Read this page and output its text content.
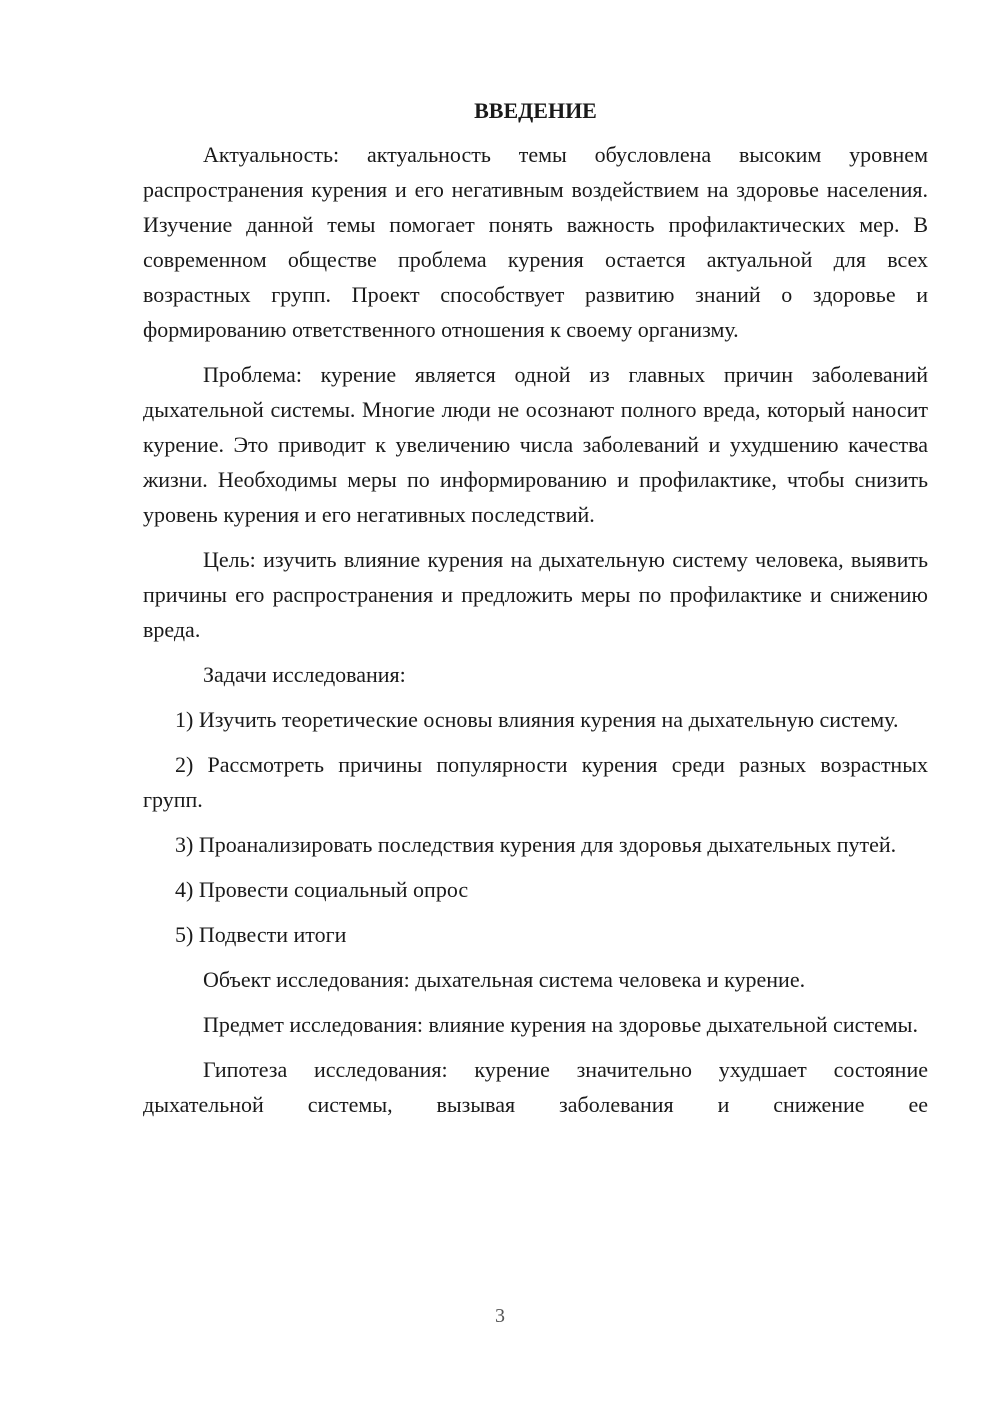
ВВЕДЕНИЕ

Актуальность: актуальность темы обусловлена высоким уровнем распространения курения и его негативным воздействием на здоровье населения. Изучение данной темы помогает понять важность профилактических мер. В современном обществе проблема курения остается актуальной для всех возрастных групп. Проект способствует развитию знаний о здоровье и формированию ответственного отношения к своему организму.

Проблема: курение является одной из главных причин заболеваний дыхательной системы. Многие люди не осознают полного вреда, который наносит курение. Это приводит к увеличению числа заболеваний и ухудшению качества жизни. Необходимы меры по информированию и профилактике, чтобы снизить уровень курения и его негативных последствий.

Цель: изучить влияние курения на дыхательную систему человека, выявить причины его распространения и предложить меры по профилактике и снижению вреда.

Задачи исследования:

1) Изучить теоретические основы влияния курения на дыхательную систему.

2) Рассмотреть причины популярности курения среди разных возрастных групп.

3) Проанализировать последствия курения для здоровья дыхательных путей.

4) Провести социальный опрос

5) Подвести итоги

Объект исследования: дыхательная система человека и курение.

Предмет исследования: влияние курения на здоровье дыхательной системы.

Гипотеза исследования: курение значительно ухудшает состояние дыхательной системы, вызывая заболевания и снижение ее

3
